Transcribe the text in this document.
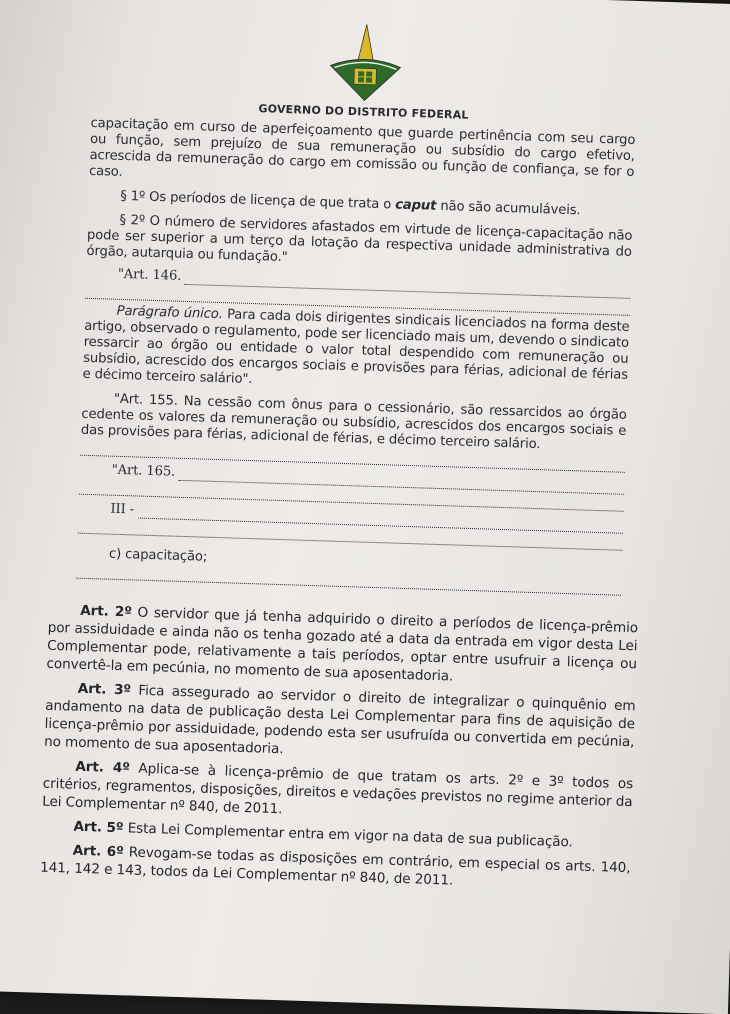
GOVERNO DO DISTRITO FEDERAL

capacitação em curso de aperfeiçoamento que guarde pertinência com seu cargo ou função, sem prejuízo de sua remuneração ou subsídio do cargo efetivo, acrescida da remuneração do cargo em comissão ou função de confiança, se for o caso.

§ 1º Os períodos de licença de que trata o caput não são acumuláveis.

§ 2º O número de servidores afastados em virtude de licença-capacitação não pode ser superior a um terço da lotação da respectiva unidade administrativa do órgão, autarquia ou fundação."

"Art. 146.

Parágrafo único. Para cada dois dirigentes sindicais licenciados na forma deste artigo, observado o regulamento, pode ser licenciado mais um, devendo o sindicato ressarcir ao órgão ou entidade o valor total despendido com remuneração ou subsídio, acrescido dos encargos sociais e provisões para férias, adicional de férias e décimo terceiro salário".

"Art. 155. Na cessão com ônus para o cessionário, são ressarcidos ao órgão cedente os valores da remuneração ou subsídio, acrescidos dos encargos sociais e das provisões para férias, adicional de férias, e décimo terceiro salário.

"Art. 165.
III -

c) capacitação;

Art. 2º O servidor que já tenha adquirido o direito a períodos de licença-prêmio por assiduidade e ainda não os tenha gozado até a data da entrada em vigor desta Lei Complementar pode, relativamente a tais períodos, optar entre usufruir a licença ou convertê-la em pecúnia, no momento de sua aposentadoria.

Art. 3º Fica assegurado ao servidor o direito de integralizar o quinquênio em andamento na data de publicação desta Lei Complementar para fins de aquisição de licença-prêmio por assiduidade, podendo esta ser usufruída ou convertida em pecúnia, no momento de sua aposentadoria.

Art. 4º Aplica-se à licença-prêmio de que tratam os arts. 2º e 3º todos os critérios, regramentos, disposições, direitos e vedações previstos no regime anterior da Lei Complementar nº 840, de 2011.

Art. 5º Esta Lei Complementar entra em vigor na data de sua publicação.

Art. 6º Revogam-se todas as disposições em contrário, em especial os arts. 140, 141, 142 e 143, todos da Lei Complementar nº 840, de 2011.
